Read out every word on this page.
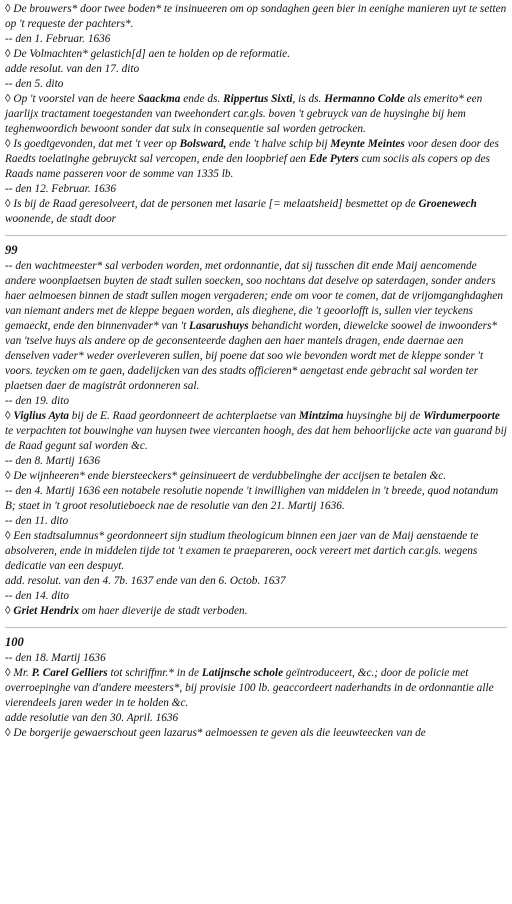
◊ De brouwers* door twee boden* te insinueeren om op sondaghen geen bier in eenighe manieren uyt te setten op 't requeste der pachters*.

-- den 1. Februar. 1636

◊ De Volmachten* gelastich[d] aen te holden op de reformatie.

adde resolut. van den 17. dito

-- den 5. dito

◊ Op 't voorstel van de heere Saackma ende ds. Rippertus Sixti, is ds. Hermanno Colde als emerito* een jaarlijx tractament toegestanden van tweehondert car.gls. boven 't gebruyck van de huysinghe bij hem teghenwoordich bewoont sonder dat sulx in consequentie sal worden getrocken.

◊ Is goedtgevonden, dat met 't veer op Bolsward, ende 't halve schip bij Meynte Meintes voor desen door des Raedts toelatinghe gebruyckt sal vercopen, ende den loopbrief aen Ede Pyters cum sociis als copers op des Raads name passeren voor de somme van 1335 lb.

-- den 12. Februar. 1636

◊ Is bij de Raad geresolveert, dat de personen met lasarie [= melaatsheid] besmettet op de Groenewech woonende, de stadt door

99

-- den wachtmeester* sal verboden worden, met ordonnantie, dat sij tusschen dit ende Maij aencomende andere woonplaetsen buyten de stadt sullen soecken, soo nochtans dat deselve op saterdagen, sonder anders haer aelmoesen binnen de stadt sullen mogen vergaderen; ende om voor te comen, dat de vrijomganghdaghen van niemant anders met de kleppe begaen worden, als dieghene, die 't geoorlofft is, sullen vier teyckens gemaeckt, ende den binnenvader* van 't Lasarushuys behandicht worden, diewelcke soowel de inwoonders* van 'tselve huys als andere op de geconsenteerde daghen aen haer mantels dragen, ende daernae aen denselven vader* weder overleveren sullen, bij poene dat soo wie bevonden wordt met de kleppe sonder 't voors. teycken om te gaen, dadelijcken van des stadts officieren* aengetast ende gebracht sal worden ter plaetsen daer de magistrât ordonneren sal.

-- den 19. dito

◊ Viglius Ayta bij de E. Raad geordonneert de achterplaetse van Mintzima huysinghe bij de Wirdumerpoorte te verpachten tot bouwinghe van huysen twee viercanten hoogh, des dat hem behoorlijcke acte van guarand bij de Raad gegunt sal worden &c.

-- den 8. Martij 1636

◊ De wijnheeren* ende biersteeckers* geinsinueert de verdubbelinghe der accijsen te betalen &c.

-- den 4. Martij 1636 een notabele resolutie nopende 't inwillighen van middelen in 't breede, quod notandum B; staet in 't groot resolutieboeck nae de resolutie van den 21. Martij 1636.

-- den 11. dito

◊ Een stadtsalumnus* geordonneert sijn studium theologicum binnen een jaer van de Maij aenstaende te absolveren, ende in middelen tijde tot 't examen te praepareren, oock vereert met dartich car.gls. wegens dedicatie van een despuyt.

add. resolut. van den 4. 7b. 1637 ende van den 6. Octob. 1637

-- den 14. dito

◊ Griet Hendrix om haer dieverije de stadt verboden.

100

-- den 18. Martij 1636

◊ Mr. P. Carel Gelliers tot schriffmr.* in de Latijnsche schole geïntroduceert, &c.; door de policie met overroepinghe van d'andere meesters*, bij provisie 100 lb. geaccordeert naderhandts in de ordonnantie alle vierendeels jaren weder in te holden &c.

adde resolutie van den 30. April. 1636

◊ De borgerije gewaerschout geen lazarus* aelmoessen te geven als die leeuwteecken van de
